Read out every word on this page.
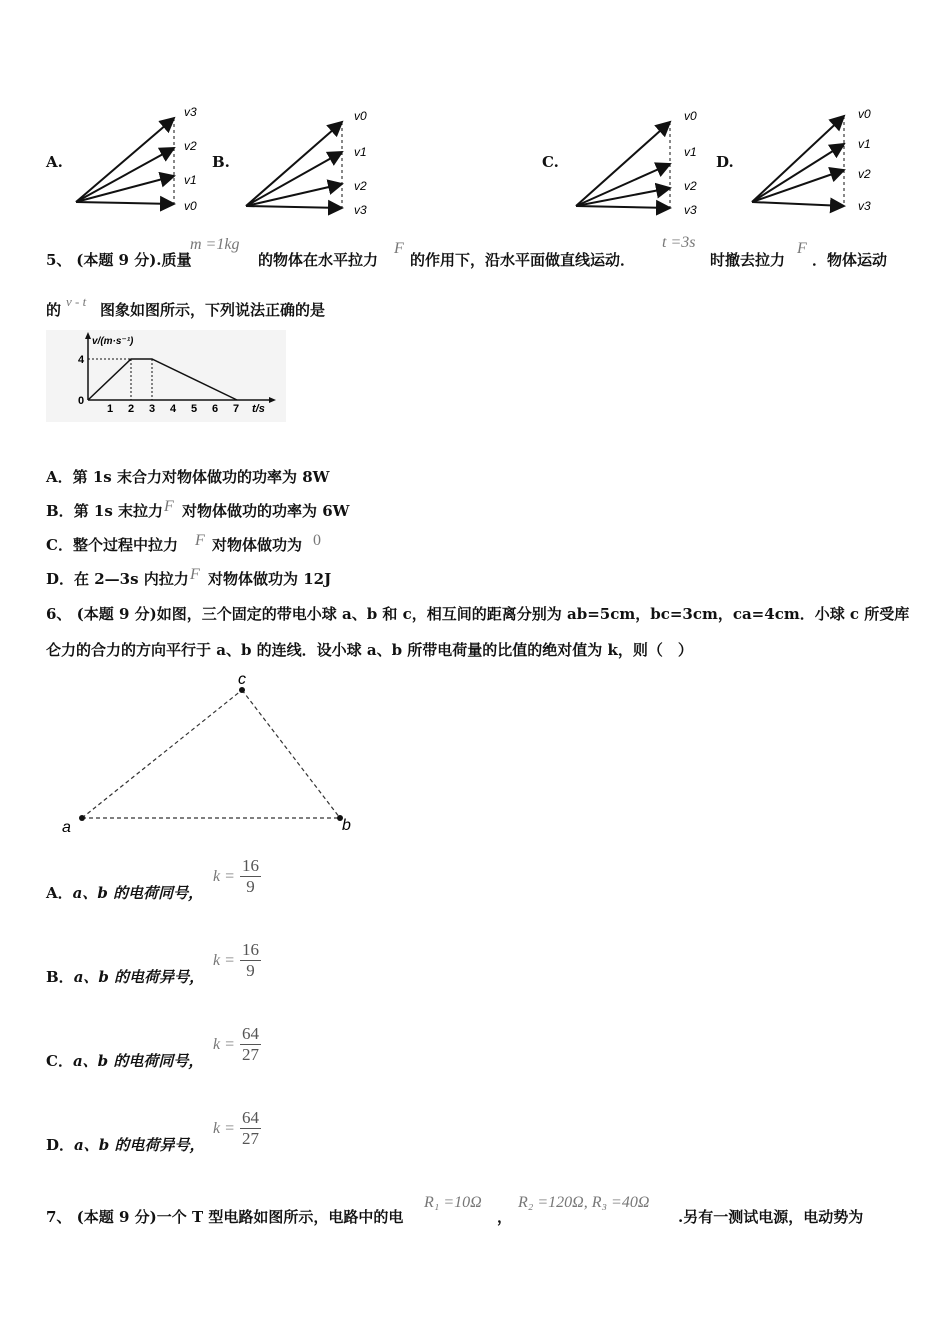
A.
v3
v2
v1
v0
B.
v0
v1
v2
v3
C.
v0
v1
v2
v3
D.
v0
v1
v2
v3
5、 (本题 9 分).质量
m =1kg
的物体在水平拉力
F
的作用下，沿水平面做直线运动．
t =3s
时撤去拉力
F
．物体运动
的 v - t 图象如图所示，下列说法正确的是
v/(m·s⁻¹)
4
0
1 2 3 4 5 6 7 t/s
A．第 1s 末合力对物体做功的功率为 8W
B．第 1s 末拉力 F 对物体做功的功率为 6W
C．整个过程中拉力 F 对物体做功为 0
D．在 2—3s 内拉力 F 对物体做功为 12J
6、 (本题 9 分)如图，三个固定的带电小球 a、b 和 c，相互间的距离分别为 ab=5cm，bc=3cm，ca=4cm．小球 c 所受库
仑力的合力的方向平行于 a、b 的连线．设小球 a、b 所带电荷量的比值的绝对值为 k，则（　）
a	b
c
A．a、b 的电荷同号，
$k = \frac{16}{9}$
B．a、b 的电荷异号，
$k = \frac{16}{9}$
C．a、b 的电荷同号，
$k = \frac{64}{27}$
D．a、b 的电荷异号，
$k = \frac{64}{27}$
7、 (本题 9 分)一个 T 型电路如图所示，电路中的电
R₁ =10Ω
，
R₂ =120Ω, R₃ =40Ω
.另有一测试电源，电动势为
